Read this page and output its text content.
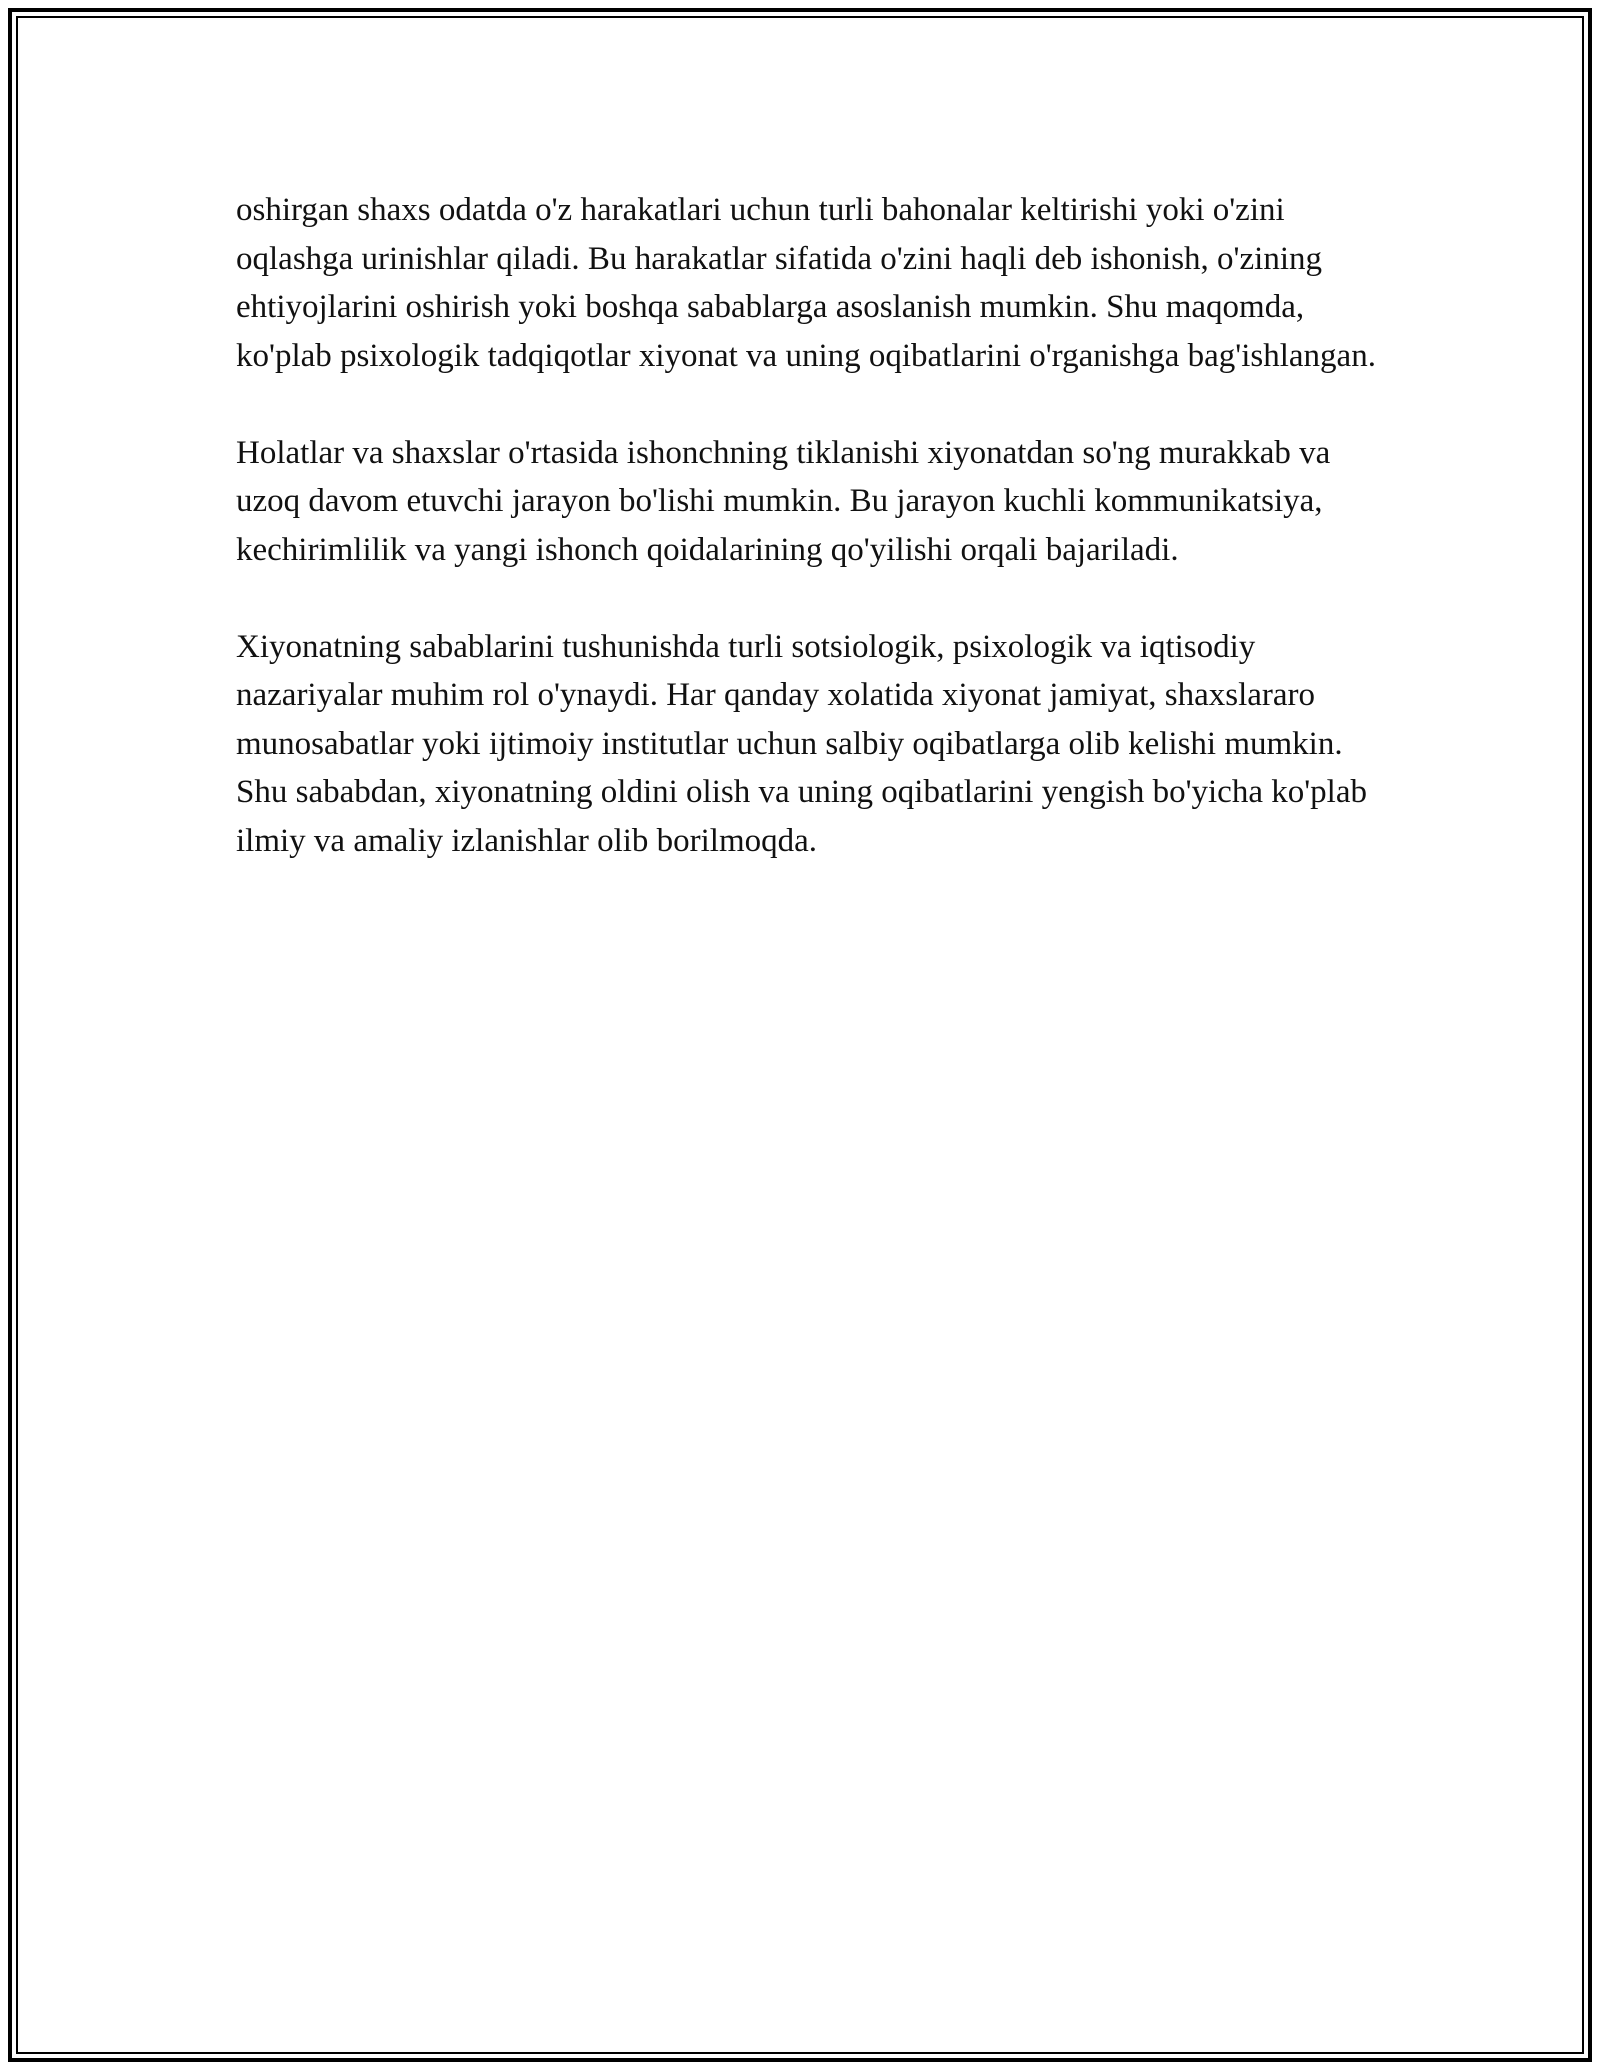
oshirgan shaxs odatda o'z harakatlari uchun turli bahonalar keltirishi yoki o'zini oqlashga urinishlar qiladi. Bu harakatlar sifatida o'zini haqli deb ishonish, o'zining ehtiyojlarini oshirish yoki boshqa sabablarga asoslanish mumkin. Shu maqomda, ko'plab psixologik tadqiqotlar xiyonat va uning oqibatlarini o'rganishga bag'ishlangan.

Holatlar va shaxslar o'rtasida ishonchning tiklanishi xiyonatdan so'ng murakkab va uzoq davom etuvchi jarayon bo'lishi mumkin. Bu jarayon kuchli kommunikatsiya, kechirimlilik va yangi ishonch qoidalarining qo'yilishi orqali bajariladi.

Xiyonatning sabablarini tushunishda turli sotsiologik, psixologik va iqtisodiy nazariyalar muhim rol o'ynaydi. Har qanday xolatida xiyonat jamiyat, shaxslararo munosabatlar yoki ijtimoiy institutlar uchun salbiy oqibatlarga olib kelishi mumkin. Shu sababdan, xiyonatning oldini olish va uning oqibatlarini yengish bo'yicha ko'plab ilmiy va amaliy izlanishlar olib borilmoqda.
